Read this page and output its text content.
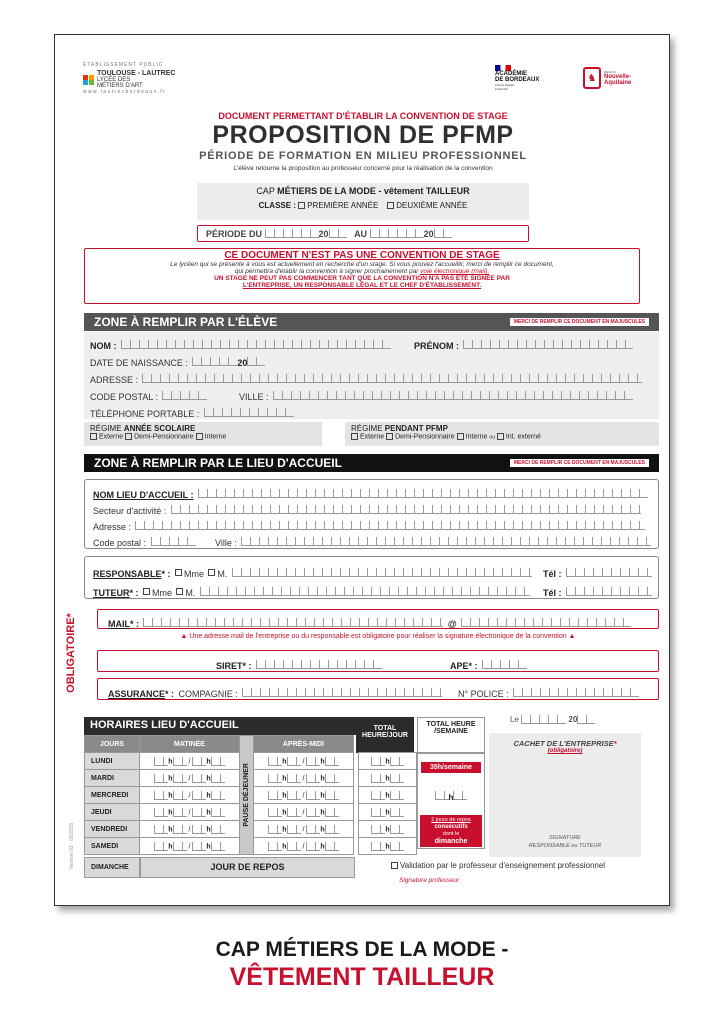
ÉTABLISSEMENT PUBLIC

TOULOUSE - LAUTREC
LYCÉE DES
MÉTIERS D'ART
w w w . l a u t r e c b o r d e a u x . f r
ACADÉMIE
DE BORDEAUX
Liberté Égalité Fraternité
♞
RÉGION
Nouvelle-
Aquitaine
DOCUMENT PERMETTANT D'ÉTABLIR LA CONVENTION DE STAGE
PROPOSITION DE PFMP
PÉRIODE DE FORMATION EN MILIEU PROFESSIONNEL
L'élève retourne la proposition au professeur concerné pour la réalisation de la convention
CAP MÉTIERS DE LA MODE - vêtement TAILLEUR
CLASSE : PREMIÈRE ANNÉE DEUXIÈME ANNÉE
PÉRIODE DU
	20
	AU
	20
CE DOCUMENT N'EST PAS UNE CONVENTION DE STAGE
Le lycéen qui se présente à vous est actuellement en recherche d'un stage. Si vous pouvez l'accueillir, merci de remplir ce document,
qui permettra d'établir la convention à signer prochainement par voie électronique (mail).
UN STAGE NE PEUT PAS COMMENCER TANT QUE LA CONVENTION N'A PAS ÉTÉ SIGNÉE PAR
L'ENTREPRISE, UN RESPONSABLE LÉGAL ET LE CHEF D'ÉTABLISSEMENT.
ZONE À REMPLIR PAR L'ÉLÈVE	MERCI DE REMPLIR CE DOCUMENT EN MAJUSCULES
NOM :	PRÉNOM :
DATE DE NAISSANCE :	20
ADRESSE :
CODE POSTAL :	VILLE :
TÉLÉPHONE PORTABLE :
RÉGIME ANNÉE SCOLAIRE
Externe Demi-Pensionnaire Interne
RÉGIME PENDANT PFMP
Externe Demi-Pensionnaire Interne ou Int. externé
ZONE À REMPLIR PAR LE LIEU D'ACCUEIL	MERCI DE REMPLIR CE DOCUMENT EN MAJUSCULES
NOM LIEU D'ACCUEIL :
Secteur d'activité :
Adresse :
Code postal :	Ville :
RESPONSABLE* : Mme M.	Tél :
TUTEUR* : Mme M.	Tél :
OBLIGATOIRE*	MAIL* :	@
▲ Une adresse mail de l'entreprise ou du responsable est obligatoire pour réaliser la signature électronique de la convention ▲
SIRET* :	APE* :
ASSURANCE* : COMPAGNIE :	N° POLICE :
HORAIRES LIEU D'ACCUEIL	TOTAL HEURE/JOUR
TOTAL HEURE /SEMAINE
JOURS	MATINÉE	PAUSE DÉJEUNER	APRÈS-MIDI		
LUNDI	h / h		h / h		h
MARDI	h / h		h / h		h
MERCREDI	h / h		h / h		h
JEUDI	h / h		h / h		h
VENDREDI	h / h		h / h		h
SAMEDI	h / h		h / h		h
DIMANCHE	JOUR DE REPOS
35h/semaine
h
2 jours de repos
consécutifs
dont le
dimanche
Le	20
CACHET DE L'ENTREPRISE*
(obligatoire)
SIGNATURE
RESPONSABLE ou TUTEUR
Validation par le professeur d'enseignement professionnel
Signature professeur
Version 02 - 09/2025
CAP MÉTIERS DE LA MODE -
VÊTEMENT TAILLEUR
